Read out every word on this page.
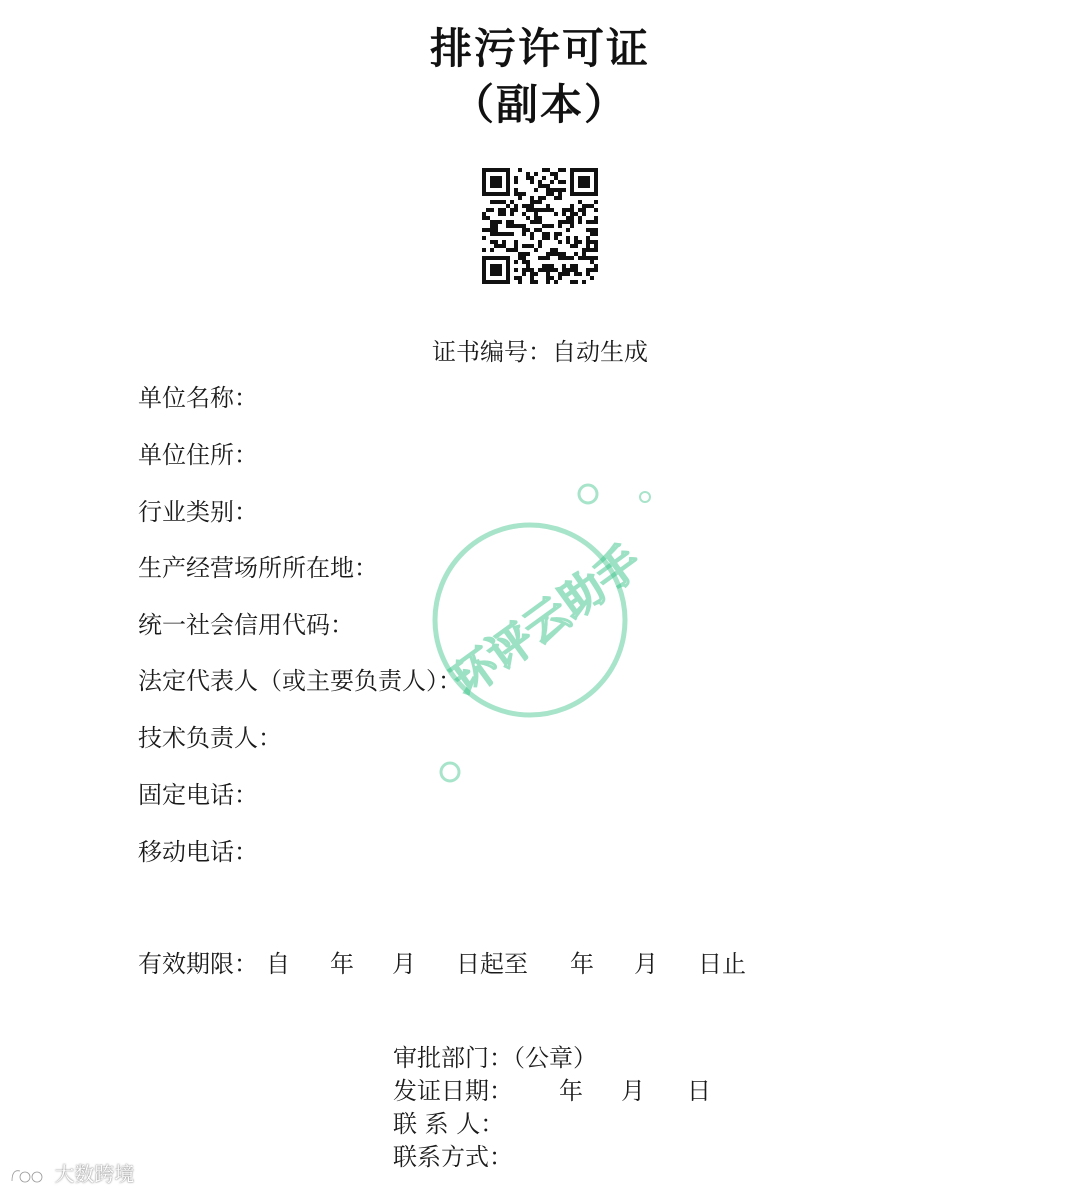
排污许可证
（副本）
证书编号：自动生成
单位名称：
单位住所：
行业类别：
生产经营场所所在地：
统一社会信用代码：
法定代表人（或主要负责人）：
技术负责人：
固定电话：
移动电话：
有效期限： 自 年 月 日起至 年 月 日止
审批部门：（公章）
发证日期： 年 月 日
联 系 人：
联系方式：
环评云助手
大数跨境
